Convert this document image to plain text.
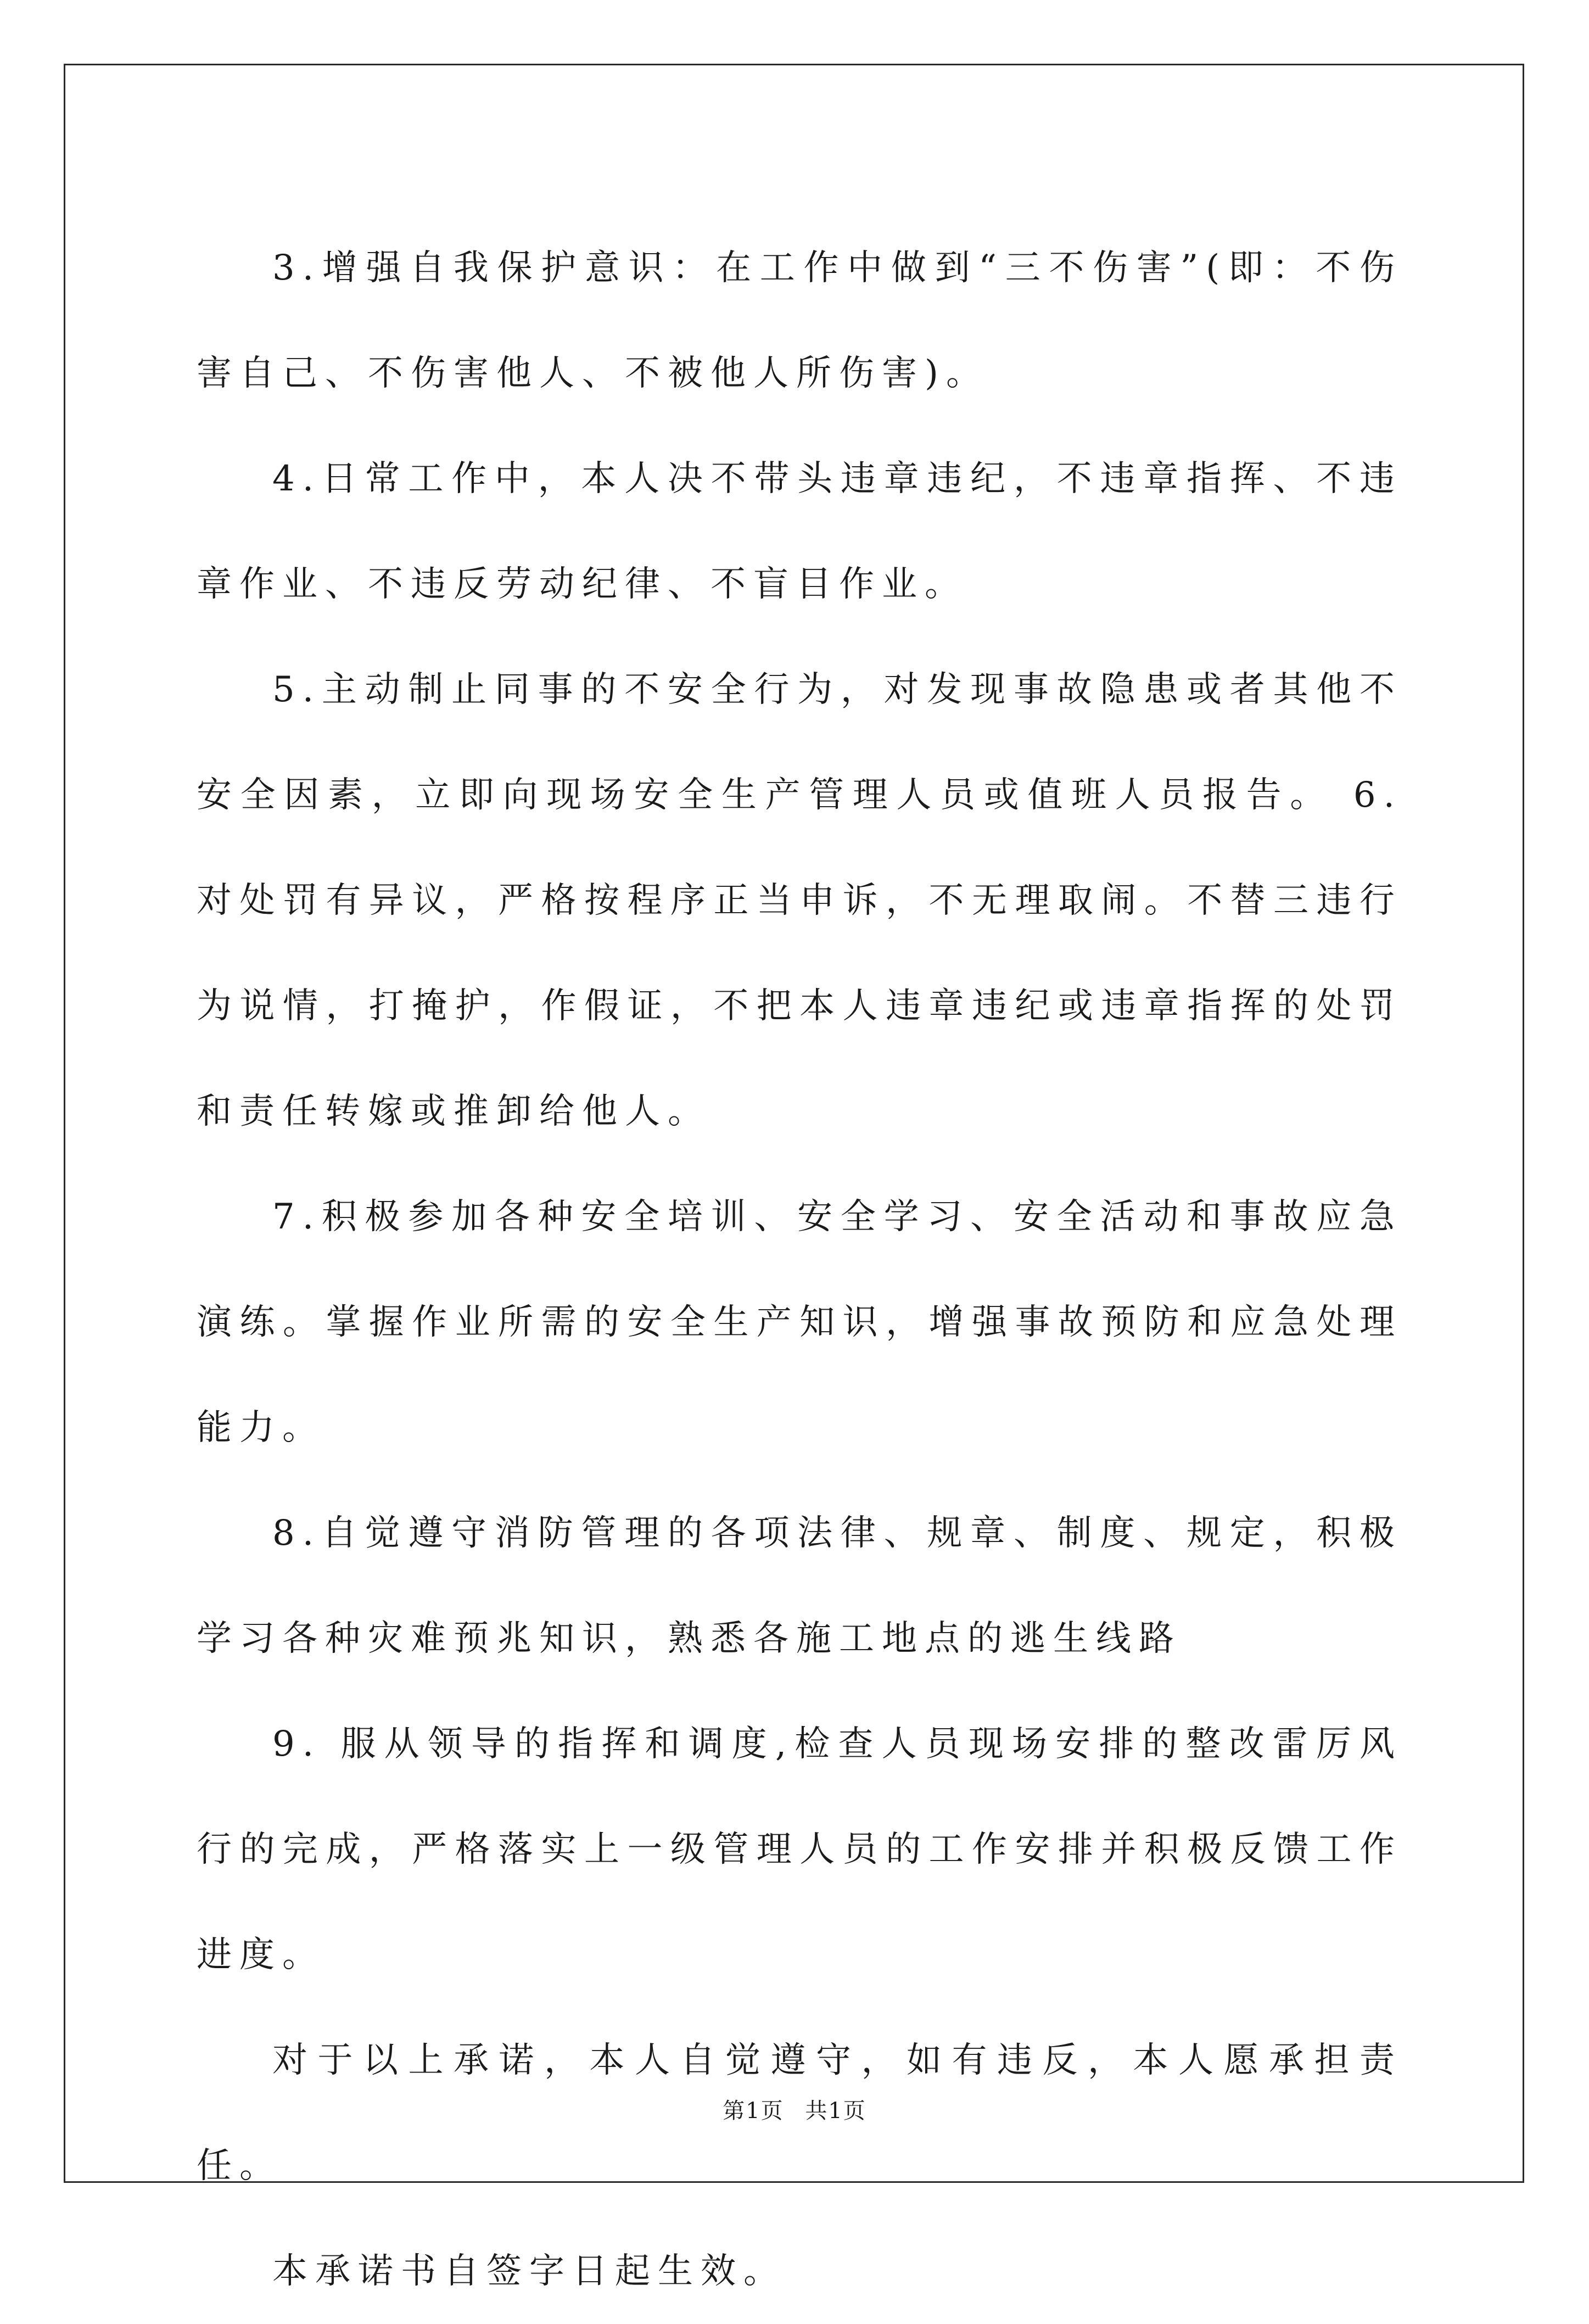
3.增强自我保护意识：在工作中做到“三不伤害”(即：不伤害自己、不伤害他人、不被他人所伤害)。

4.日常工作中，本人决不带头违章违纪，不违章指挥、不违章作业、不违反劳动纪律、不盲目作业。

5.主动制止同事的不安全行为，对发现事故隐患或者其他不安全因素，立即向现场安全生产管理人员或值班人员报告。 6. 对处罚有异议，严格按程序正当申诉，不无理取闹。不替三违行为说情，打掩护，作假证，不把本人违章违纪或违章指挥的处罚和责任转嫁或推卸给他人。

7.积极参加各种安全培训、安全学习、安全活动和事故应急演练。掌握作业所需的安全生产知识，增强事故预防和应急处理能力。

8.自觉遵守消防管理的各项法律、规章、制度、规定，积极学习各种灾难预兆知识，熟悉各施工地点的逃生线路

9. 服从领导的指挥和调度,检查人员现场安排的整改雷厉风行的完成，严格落实上一级管理人员的工作安排并积极反馈工作进度。

对于以上承诺，本人自觉遵守，如有违反，本人愿承担责任。

本承诺书自签字日起生效。

第1页 共1页
